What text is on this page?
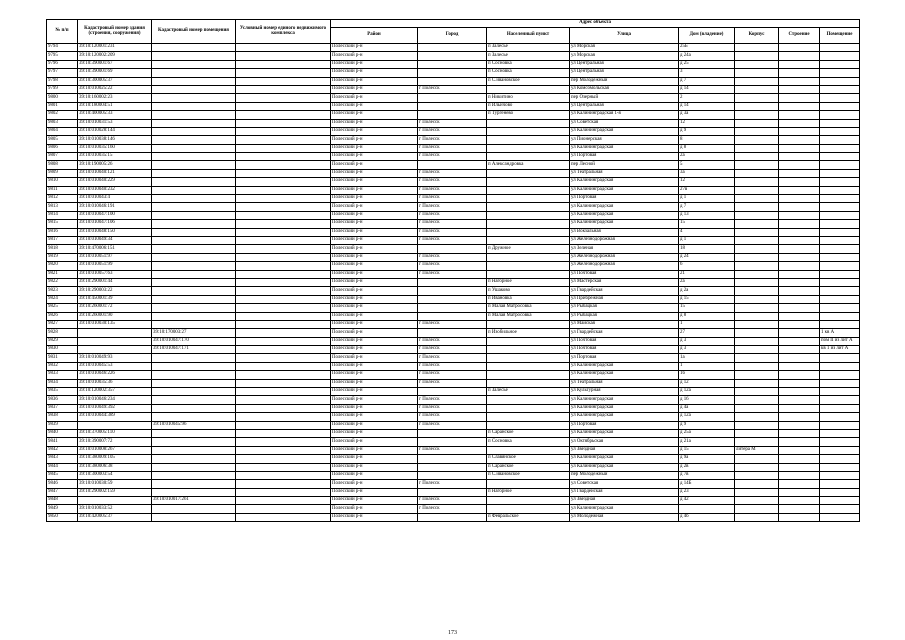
№ п/п	Кадастровый номер здания (строения, сооружения)	Кадастровый номер помещения	Условный номер единого недвижимого комплекса	Адрес объекта							
				Район	Город	Населенный пункт	Улица	Дом (владение)	Корпус	Строение	Помещение
9794	39:10:120001:231			Полесский р-н		п Залесье	ул Морская	25Б			
9795	39:10:120002:209			Полесский р-н		п Залесье	ул Морская	д 24а			
9796	39:10:390001:67			Полесский р-н		п Сосновка	ул Центральная	д 25			
9797	39:10:390001:69			Полесский р-н		п Сосновка	ул Центральная	3			
9798	39:10:300005:37			Полесский р-н		п С.ивановское	пер Молодежный	д 7			
9799	39:10:010025:22			Полесский р-н	г Полесск		ул Комсомольская	д 14			
9800	39:10:160002:23			Полесский р-н		п Никитино	пер Озерный	2			
9801	39:10:180004:51			Полесский р-н		п Ильичово	ул Центральная	д 14			
9802	39:10:400005:33			Полесский р-н		п Тургенево	ул Калининградская 1-я	д 3а			
9803	39:10:010031:53			Полесский р-н	г Полесск		ул Советская	12			
9804	39:10:010028:144			Полесский р-н	г Полесск		ул Калининградская	д 9			
9805	39:10:010038:146			Полесский р-н	г Полесск		ул Пионерская	8			
9806	39:10:010035:160			Полесский р-н	г Полесск		ул Калининградская	д 8			
9807	39:10:010035:15			Полесский р-н	г Полесск		ул Портовая	2а			
9808	39:10:190005:26			Полесский р-н		п Александровка	пер Лесной	5			
9809	39:10:010040:121			Полесский р-н	г Полесск		ул Театральная	3а			
9810	39:10:010040:229			Полесский р-н	г Полесск		ул Калининградская	12			
9811	39:10:010040:232			Полесский р-н	г Полесск		ул Калининградская	27в			
9812	39:10:010043:4			Полесский р-н	г Полесск		ул Портовая	д 1			
9813	39:10:010046:191			Полесский р-н	г Полесск		ул Калининградская	д 7			
9814	39:10:010047:100			Полесский р-н	г Полесск		ул Калининградская	д 13			
9815	39:10:010047:106			Полесский р-н	г Полесск		ул Калининградская	15			
9816	39:10:010048:150			Полесский р-н	г Полесск		ул Вокзальная	4			
9817	39:10:010049:34			Полесский р-н	г Полесск		ул Железнодорожная	д 1			
9818	39:10:470006:151			Полесский р-н		п Дружное	ул Зеленая	18			
9819	39:10:010051:97			Полесский р-н	г Полесск		ул Железнодорожная	д 24			
9820	39:10:010051:99			Полесский р-н	г Полесск		ул Железнодорожная	6			
9821	39:10:010057:63			Полесский р-н	г Полесск		ул Почтовая	21			
9822	39:10:290001:44			Полесский р-н		п Нагорное	ул Мастерская	2а			
9823	39:10:290003:22			Полесский р-н		п Ушаково	ул Гвардейская	д 2а			
9824	39:10:450001:39			Полесский р-н		п Ивановка	ул Прибрежная	д 15			
9825	39:10:260001:72			Полесский р-н		п Малая Матросовка	ул Рыбацкая	15			
9826	39:10:260001:90			Полесский р-н		п Малая Матросовка	ул Рыбацкая	д 8			
9827	39:10:010030:135			Полесский р-н	г Полесск		ул Майская	1			
9828		39:10:170003:27		Полесский р-н		п Изобильное	ул Гвардейская	27			1 кв А
9829		39:10:010047:170		Полесский р-н	г Полесск		ул Почтовая	д 3			пом II из лит А
9830		39:10:010047:171		Полесский р-н	г Полесск		ул Почтовая	д 3			кв 1 из лит А
9831	39:10:010049:93			Полесский р-н	г Полесск		ул Портовая	1а			
9832	39:10:010045:53			Полесский р-н	г Полесск		ул Калининградская	1			
9833	39:10:010046:226			Полесский р-н	г Полесск		ул Калининградская	1б			
9834	39:10:010035:36			Полесский р-н	г Полесск		ул Театральная	д 12			
9835	39:10:120002:357			Полесский р-н		п Залесье	ул Культурная	д 12а			
9836	39:10:010046:234			Полесский р-н	г Полесск		ул Калининградская	д 16			
9837	39:10:010049:392			Полесский р-н	г Полесск		ул Калининградская	д 4а			
9838	39:10:010044:389			Полесский р-н	г Полесск		ул Калининградская	д 12а			
9839		39:10:010045:96		Полесский р-н	г Полесск		ул Портовая	д 9			
9840	39:10:370005:110			Полесский р-н		п Саранское	ул Калининградская	д 25а			
9841	39:10:390007:72			Полесский р-н		п Сосновка	ул Октябрьская	д 21а			
9842	39:10:010008:267			Полесский р-н	г Полесск		ул Звездная	д 15	литера М		
9843	39:10:380009:105			Полесский р-н		п Славянское	ул Калининградская	д 9а			
9844	39:10:380006:38			Полесский р-н		п Саранское	ул Калининградская	д 2в			
9845	39:10:300003:54			Полесский р-н		п С.ивановское	пер Молодежный	д 7в			
9846	39:10:010030:59			Полесский р-н	г Полесск		ул Советская	д 14Б			
9847	39:10:290002:159			Полесский р-н		п Нагорное	ул Гвардейская	д 23			
9848		39:10:010017:261		Полесский р-н	г Полесск		ул Звездная	д 42			
9849	39:10:010033:52			Полесский р-н	г Полесск		ул Калининградская				
9850	39:10:420005:37			Полесский р-н		п Февральское	ул Молодежная	д 4б			
173
